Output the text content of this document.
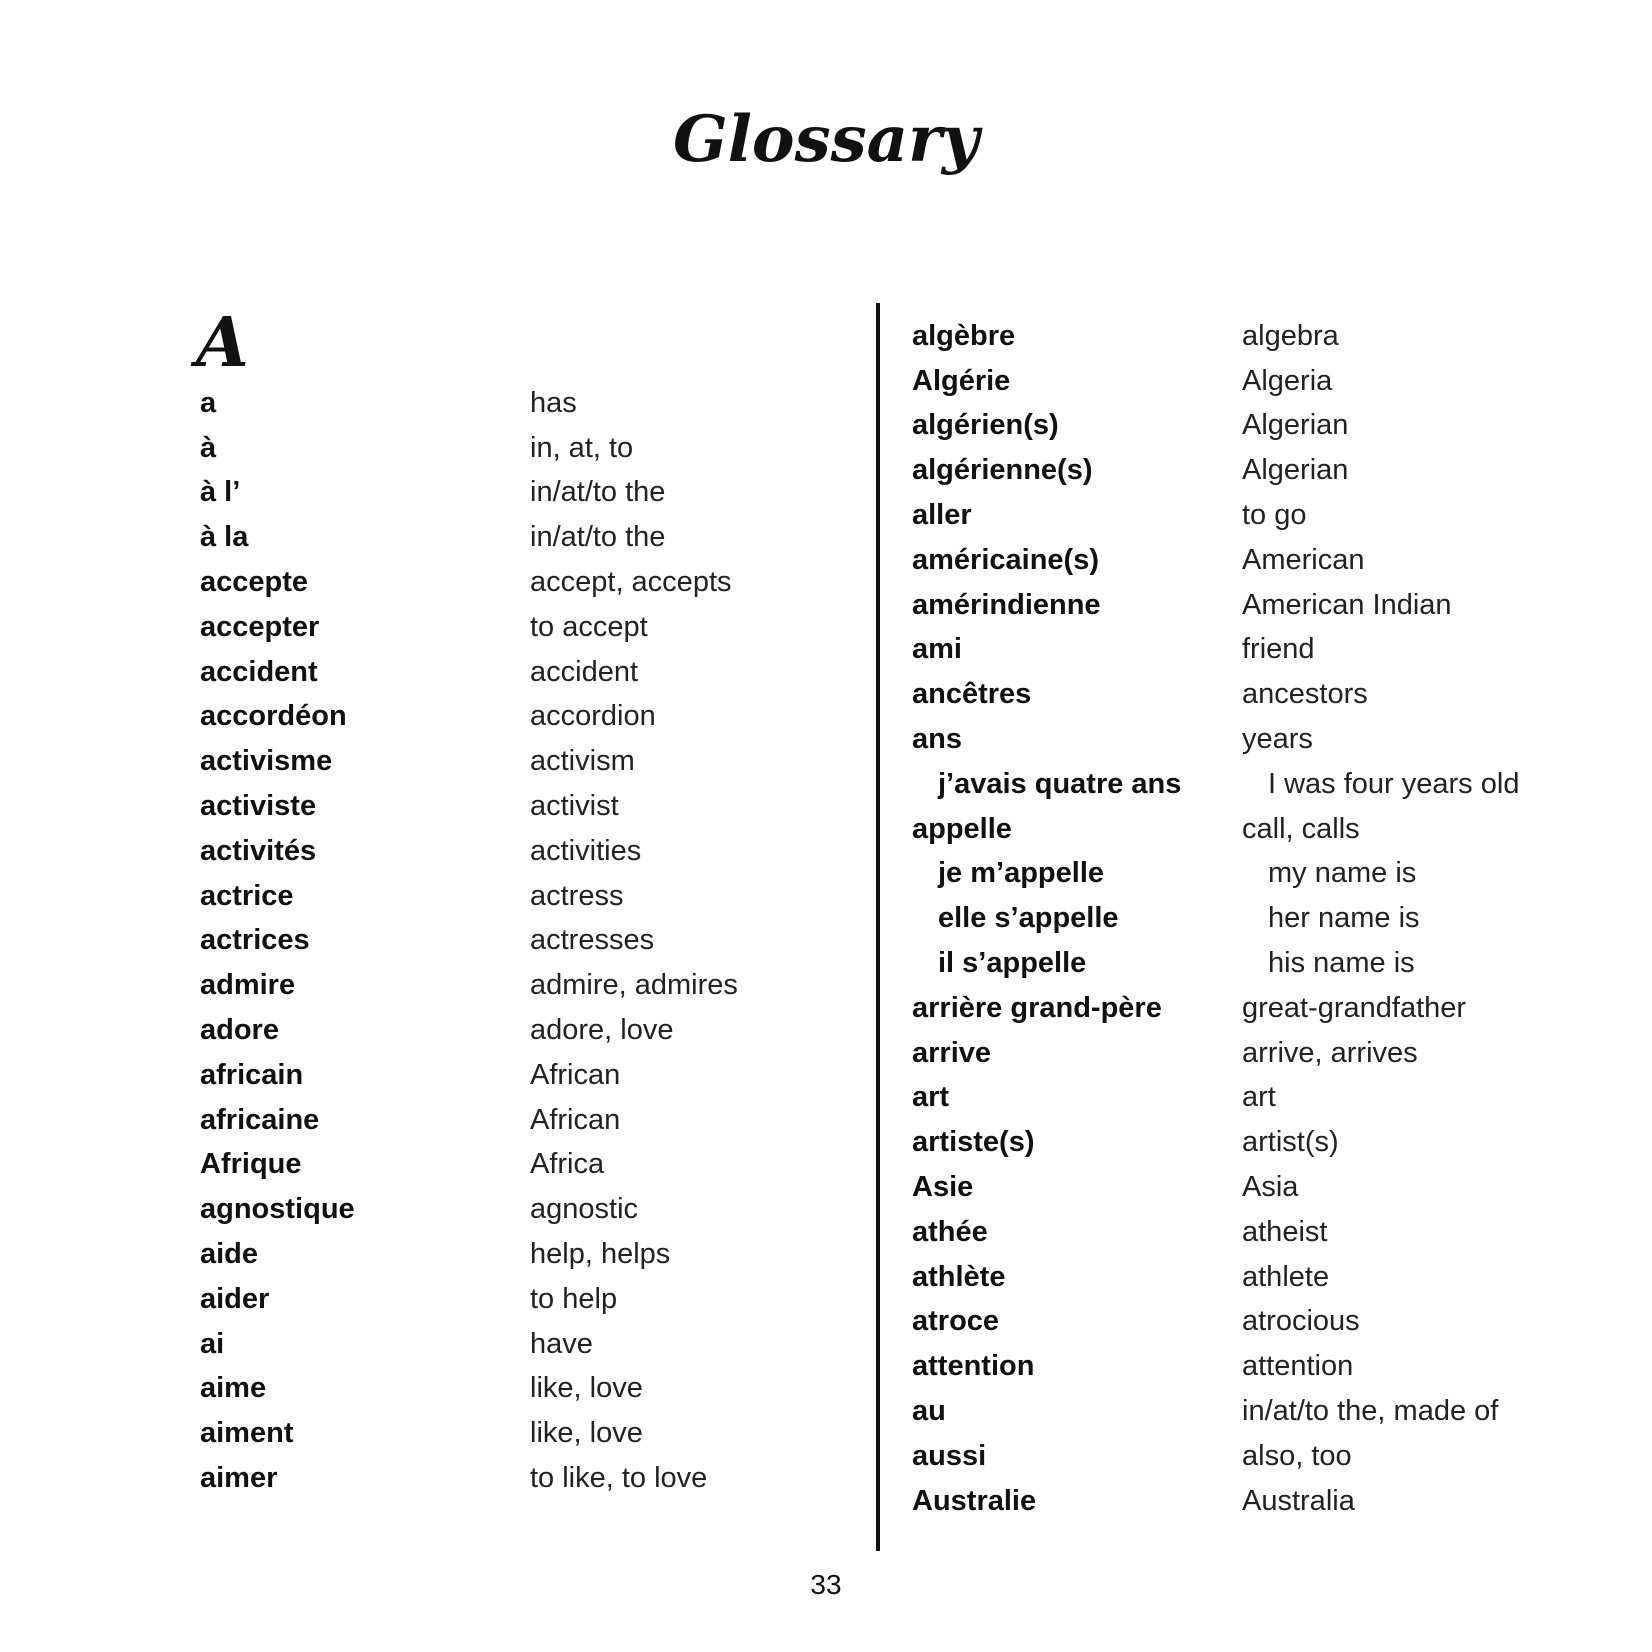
Glossary
A
a	has
à	in, at, to
à l’	in/at/to the
à la	in/at/to the
accepte	accept, accepts
accepter	to accept
accident	accident
accordéon	accordion
activisme	activism
activiste	activist
activités	activities
actrice	actress
actrices	actresses
admire	admire, admires
adore	adore, love
africain	African
africaine	African
Afrique	Africa
agnostique	agnostic
aide	help, helps
aider	to help
ai	have
aime	like, love
aiment	like, love
aimer	to like, to love
algèbre	algebra
Algérie	Algeria
algérien(s)	Algerian
algérienne(s)	Algerian
aller	to go
américaine(s)	American
amérindienne	American Indian
ami	friend
ancêtres	ancestors
ans	years
j’avais quatre ans	I was four years old
appelle	call, calls
je m’appelle	my name is
elle s’appelle	her name is
il s’appelle	his name is
arrière grand-père	great-grandfather
arrive	arrive, arrives
art	art
artiste(s)	artist(s)
Asie	Asia
athée	atheist
athlète	athlete
atroce	atrocious
attention	attention
au	in/at/to the, made of
aussi	also, too
Australie	Australia
33
